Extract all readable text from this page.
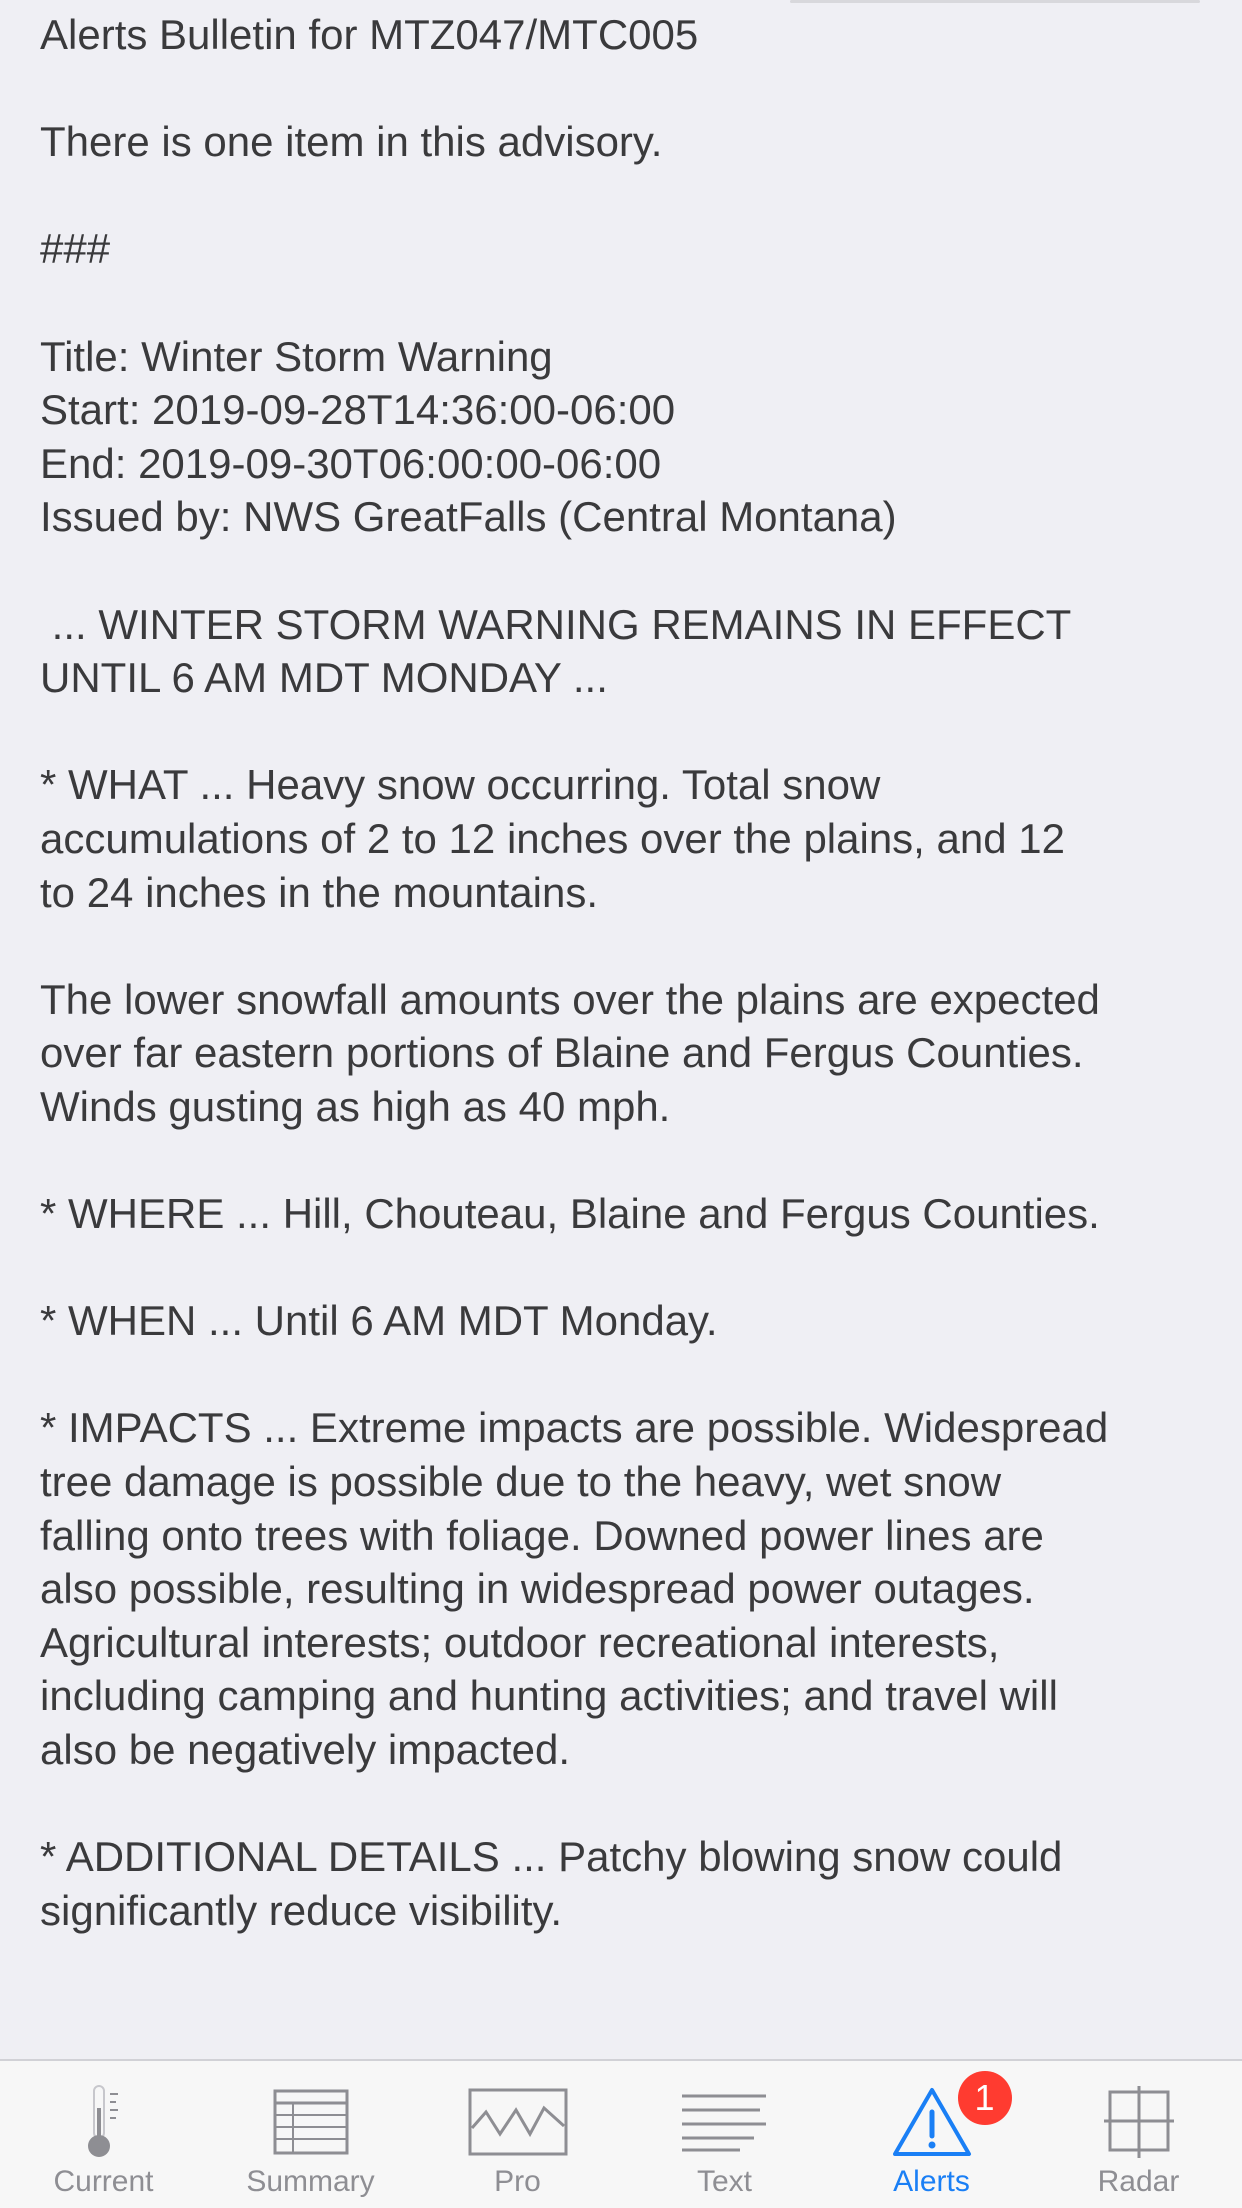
Alerts Bulletin for MTZ047/MTC005
There is one item in this advisory.
###
Title: Winter Storm Warning
Start: 2019-09-28T14:36:00-06:00
End: 2019-09-30T06:00:00-06:00
Issued by: NWS GreatFalls (Central Montana)
... WINTER STORM WARNING REMAINS IN EFFECT
UNTIL 6 AM MDT MONDAY ...
* WHAT ... Heavy snow occurring. Total snow
accumulations of 2 to 12 inches over the plains, and 12
to 24 inches in the mountains.
The lower snowfall amounts over the plains are expected
over far eastern portions of Blaine and Fergus Counties.
Winds gusting as high as 40 mph.
* WHERE ... Hill, Chouteau, Blaine and Fergus Counties.
* WHEN ... Until 6 AM MDT Monday.
* IMPACTS ... Extreme impacts are possible. Widespread
tree damage is possible due to the heavy, wet snow
falling onto trees with foliage. Downed power lines are
also possible, resulting in widespread power outages.
Agricultural interests; outdoor recreational interests,
including camping and hunting activities; and travel will
also be negatively impacted.
* ADDITIONAL DETAILS ... Patchy blowing snow could
significantly reduce visibility.
Current	Summary	Pro	Text	Alerts
1
Radar
